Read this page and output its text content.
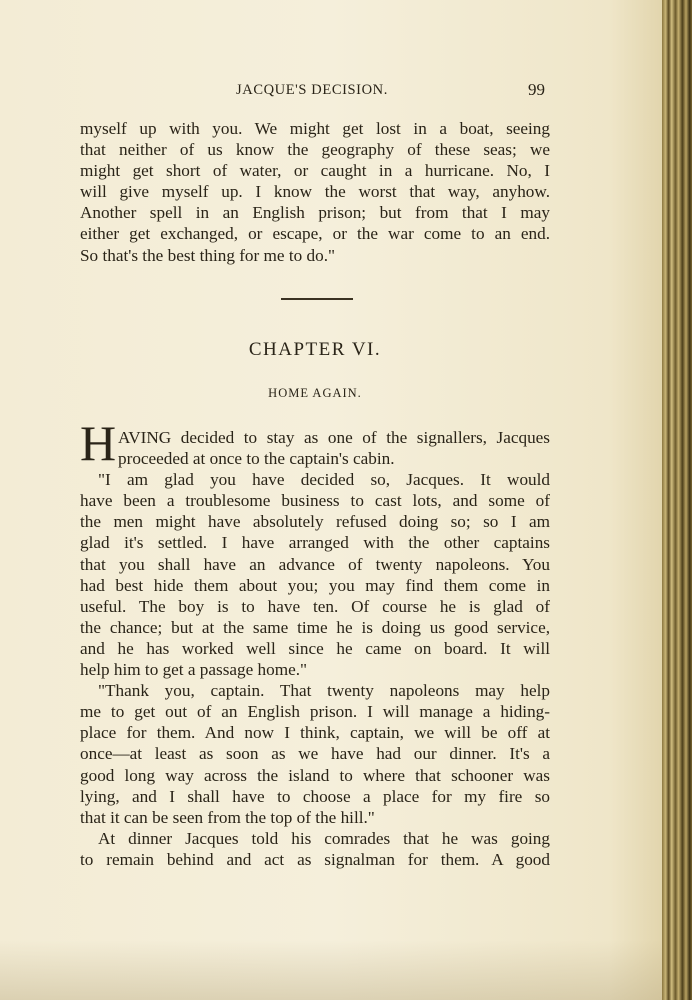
JACQUE'S DECISION.	99
myself up with you. We might get lost in a boat, seeing
that neither of us know the geography of these seas; we
might get short of water, or caught in a hurricane. No, I
will give myself up. I know the worst that way, anyhow.
Another spell in an English prison; but from that I may
either get exchanged, or escape, or the war come to an end.
So that's the best thing for me to do."
CHAPTER VI.
HOME AGAIN.
H AVING decided to stay as one of the signallers, Jacques
proceeded at once to the captain's cabin.
"I am glad you have decided so, Jacques. It would
have been a troublesome business to cast lots, and some of
the men might have absolutely refused doing so; so I am
glad it's settled. I have arranged with the other captains
that you shall have an advance of twenty napoleons. You
had best hide them about you; you may find them come in
useful. The boy is to have ten. Of course he is glad of
the chance; but at the same time he is doing us good service,
and he has worked well since he came on board. It will
help him to get a passage home."
"Thank you, captain. That twenty napoleons may help
me to get out of an English prison. I will manage a hiding-
place for them. And now I think, captain, we will be off at
once—at least as soon as we have had our dinner. It's a
good long way across the island to where that schooner was
lying, and I shall have to choose a place for my fire so
that it can be seen from the top of the hill."
At dinner Jacques told his comrades that he was going
to remain behind and act as signalman for them. A good
